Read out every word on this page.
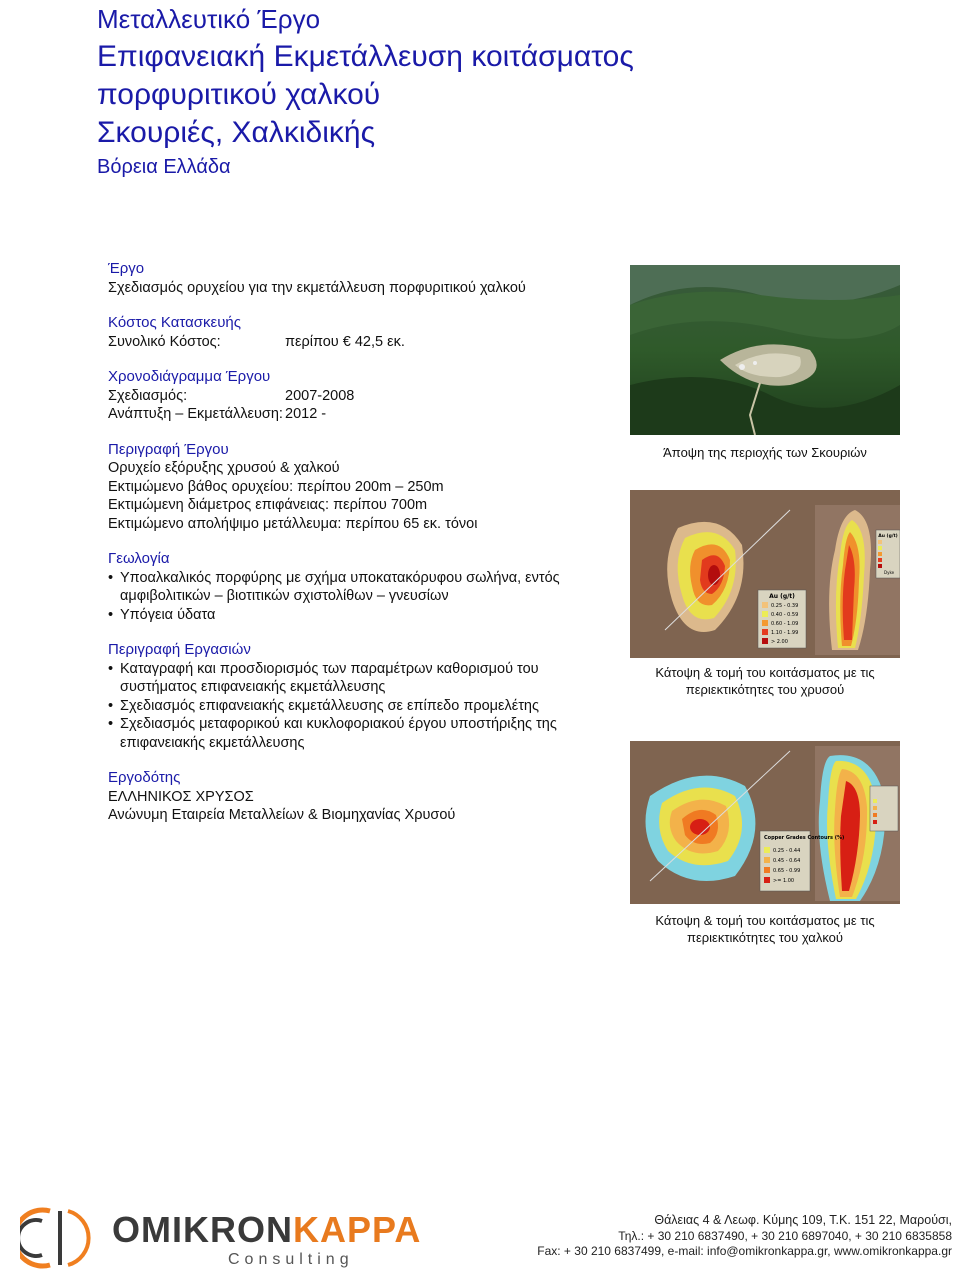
Μεταλλευτικό Έργο
Επιφανειακή Εκμετάλλευση κοιτάσματος
πορφυριτικού χαλκού
Σκουριές, Χαλκιδικής
Βόρεια Ελλάδα
Έργο
Σχεδιασμός ορυχείου για την εκμετάλλευση πορφυριτικού χαλκού
Κόστος Κατασκευής
Συνολικό Κόστος:	περίπου € 42,5 εκ.
Χρονοδιάγραμμα Έργου
Σχεδιασμός:	2007-2008
Ανάπτυξη – Εκμετάλλευση: 2012 -
Περιγραφή Έργου
Ορυχείο εξόρυξης χρυσού & χαλκού
Εκτιμώμενο βάθος ορυχείου: περίπου 200m – 250m
Εκτιμώμενη διάμετρος επιφάνειας: περίπου 700m
Εκτιμώμενο απολήψιμο μετάλλευμα: περίπου 65 εκ. τόνοι
Γεωλογία
• Υποαλκαλικός πορφύρης με σχήμα υποκατακόρυφου σωλήνα, εντός αμφιβολιτικών – βιοτιτικών σχιστολίθων – γνευσίων
• Υπόγεια ύδατα
Περιγραφή Εργασιών
• Καταγραφή και προσδιορισμός των παραμέτρων καθορισμού του συστήματος επιφανειακής εκμετάλλευσης
• Σχεδιασμός επιφανειακής εκμετάλλευσης σε επίπεδο προμελέτης
• Σχεδιασμός μεταφορικού και κυκλοφοριακού έργου υποστήριξης της επιφανειακής εκμετάλλευσης
Εργοδότης
ΕΛΛΗΝΙΚΟΣ ΧΡΥΣΟΣ
Ανώνυμη Εταιρεία Μεταλλείων & Βιομηχανίας Χρυσού
Άποψη της περιοχής των Σκουριών
Au (g/t)
0.25 - 0.39
0.40 - 0.59
0.60 - 1.09
1.10 - 1.99
> 2.00
Au (g/t)
Dyke
Κάτοψη & τομή του κοιτάσματος με τις περιεκτικότητες του χρυσού
Copper Grades Contours (%)
0.25 - 0.44
0.45 - 0.64
0.65 - 0.99
>= 1.00
Κάτοψη & τομή του κοιτάσματος με τις περιεκτικότητες του χαλκού
OMIKRONKAPPA
Consulting
Θάλειας 4 & Λεωφ. Κύμης 109, Τ.Κ. 151 22, Μαρούσι,
Τηλ.: + 30 210 6837490, + 30 210 6897040, + 30 210 6835858
Fax: + 30 210 6837499, e-mail: info@omikronkappa.gr, www.omikronkappa.gr
